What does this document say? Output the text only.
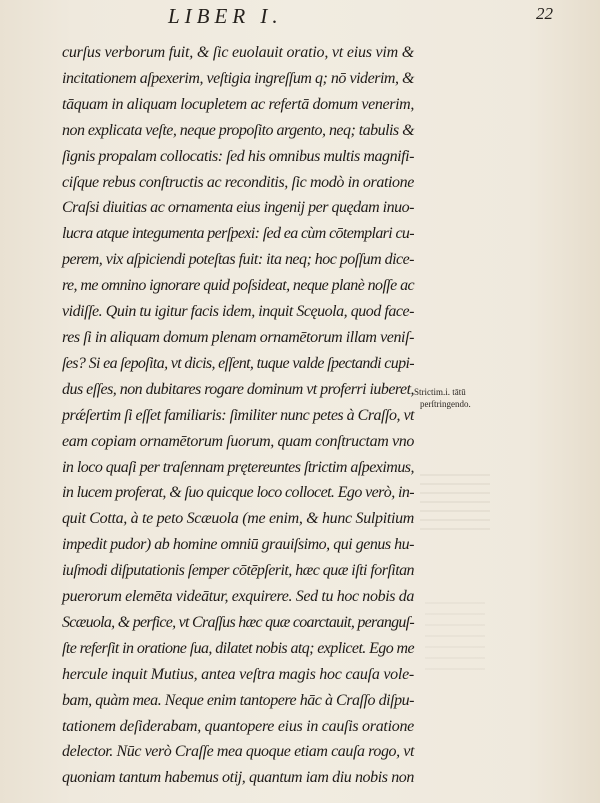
LIBER I.	22
curſus verborum fuit, & ſic euolauit oratio, vt eius vim &
incitationem aſpexerim, veſtigia ingreſſum q; nō viderim, &
tāquam in aliquam locupletem ac refertā domum venerim,
non explicata veſte, neque propoſito argento, neq; tabulis &
ſignis propalam collocatis: ſed his omnibus multis magnifi-
ciſque rebus conſtructis ac reconditis, ſic modò in oratione
Craſsi diuitias ac ornamenta eius ingenij per quędam inuo-
lucra atque integumenta perſpexi: ſed ea cùm cōtemplari cu-
perem, vix aſpiciendi poteſtas fuit: ita neq; hoc poſſum dice-
re, me omnino ignorare quid poſsideat, neque planè noſſe ac
vidiſſe. Quin tu igitur facis idem, inquit Scęuola, quod face-
res ſi in aliquam domum plenam ornamētorum illam veniſ-
ſes? Si ea ſepoſita, vt dicis, eſſent, tuque valde ſpectandi cupi-
dus eſſes, non dubitares rogare dominum vt proferri iuberet,
prǽſertim ſi eſſet familiaris: ſimiliter nunc petes à Craſſo, vt
eam copiam ornamētorum ſuorum, quam conſtructam vno
in loco quaſi per traſennam prętereuntes ſtrictim aſpeximus,
in lucem proferat, & ſuo quicque loco collocet. Ego verò, in-
quit Cotta, à te peto Scæuola (me enim, & hunc Sulpitium
impedit pudor) ab homine omniū grauiſsimo, qui genus hu-
iuſmodi diſputationis ſemper cōtēpſerit, hæc quæ iſti forſitan
puerorum elemēta videātur, exquirere. Sed tu hoc nobis da
Scæuola, & perfice, vt Craſſus hæc quæ coarctauit, peranguſ-
ſte referſit in oratione ſua, dilatet nobis atq; explicet. Ego me
hercule inquit Mutius, antea veſtra magis hoc cauſa vole-
bam, quàm mea. Neque enim tantopere hāc à Craſſo diſpu-
tationem deſiderabam, quantopere eius in cauſis oratione
delector. Nūc verò Craſſe mea quoque etiam cauſa rogo, vt
quoniam tantum habemus otij, quantum iam diu nobis non
Strictim.i. tātū
perſtringendo.
